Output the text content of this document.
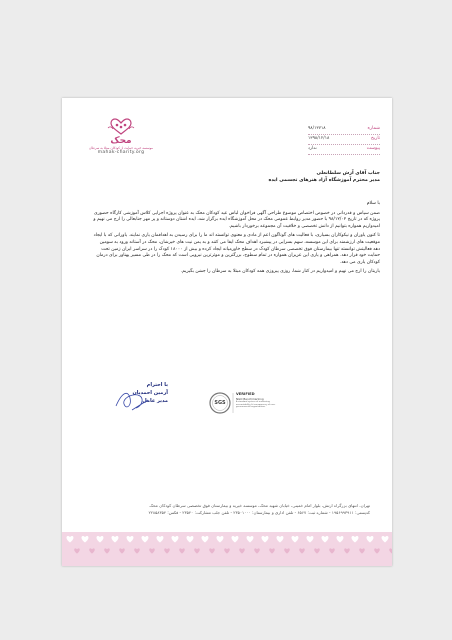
محک
موسسه خیریه حمایت از کودکان مبتلا به سرطان
mahak-charity.org
شماره
۹۸/۱۳۷۱۸
تاریخ
۱۳۹۸/۱۲/۱۸
پیوست
ندارد
جناب آقای آرش سلطانعلی
مدیر محترم آموزشگاه آزاد هنرهای تجسمی ایده

با سلام

ضمن سپاس و قدردانی در خصوص اختصاص موضوع طراحی آگهی فراخوان لباس عید کودکان محک به عنوان پروژه اجرایی کلاس آموزشی کارگاه حضوری پروژه که در تاریخ ۹۸/۱۲/۰۲ با حضور مدیر روابط عمومی محک در محل آموزشگاه ایده برگزار شد، ایده اشتان دوستانه و پر مهر جنابعالی را ارج می نهیم و امیدواریم همواره بتوانیم از دانش تخصصی و خلاقیت آن مجموعه برخوردار باشیم.

تا کنون یاوران و نیکوکاران بسیاری، با فعالیت های گوناگون اعم از مادی و معنوی توانسته اند ما را برای رسیدن به اهدافمان یاری نمایند. یاورانی که با ایجاد موقعیت های ارزشمند برای این موسسه، سهم بسزایی در پیشبرد اهداف محک ایفا می کنند و به یمن نیت های خیرشان، محک در آستانه ورود به سومین دهه فعالیتش توانسته تنها بیمارستان فوق تخصصی سرطان کودک در سطح خاورمیانه ایجاد کرده و بیش از ۱۸۰۰۰ کودک را در سراسر ایران زمین تحت حمایت خود قرار دهد. همراهی و یاری این عزیزان همواره در تمام سطوح، بزرگترین و موثرترین نیرویی است که محک را در طی مسیر پهناور برای درمان کودکان یاری می دهد.

یاریتان را ارج می نهیم و امیدواریم در کنار شما، روزی پیروزی همه کودکان مبتلا به سرطان را جشن بگیریم.

با احترام
آرمین احمدیان
مدیر عامل	SGS
VERIFIED
NGO Benchmarking
A standard system of measuring accountability & transparency of non-governmental organizations
تهران، انتهای بزرگراه ارتش، بلوار امام خمینی، خیابان شهید محک، موسسه خیریه و بیمارستان فوق تخصصی سرطان کودکان محک
کدپستی: ۱۹۵۶۹۹۳۹۱۱ - شماره ثبت: ۶۵۶۷ - تلفن اداری و بیمارستان: ۲۳۵۰۱۰۰۰ - تلفن جلب مشارکت: ۲۳۵۴۰ - فکس: ۲۲۸۵۸۳۵۴
